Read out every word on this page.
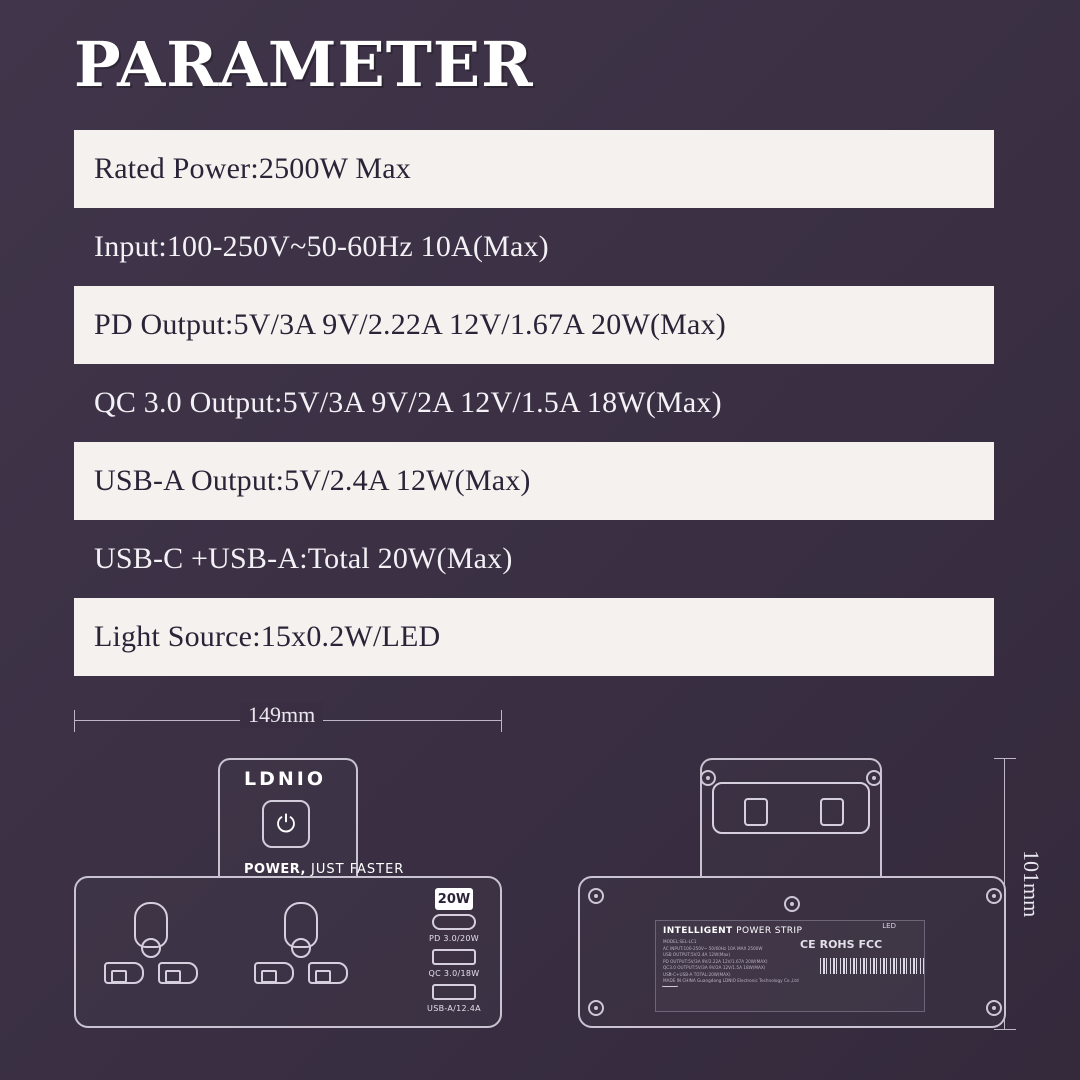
PARAMETER
Rated Power:2500W Max
Input:100-250V~50-60Hz 10A(Max)
PD Output:5V/3A 9V/2.22A 12V/1.67A 20W(Max)
QC 3.0 Output:5V/3A 9V/2A 12V/1.5A 18W(Max)
USB-A Output:5V/2.4A 12W(Max)
USB-C +USB-A:Total 20W(Max)
Light Source:15x0.2W/LED
149mm
101mm
LDNIO
⏻
POWER, JUST FASTER
20W
PD 3.0/20W
QC 3.0/18W
USB-A/12.4A
INTELLIGENT POWER STRIP
MODEL:SEL-LC1
AC INPUT:100-250V~ 50/60Hz 10A MAX 2500W
USB OUTPUT:5V/2.4A 12W(Max)
PD OUTPUT:5V/3A 9V/2.22A 12V/1.67A 20W(MAX)
QC3.0 OUTPUT:5V/3A 9V/2A 12V/1.5A 18W(MAX)
USB-C+USB-A TOTAL:20W(MAX)
MADE IN CHINA Guangdong LDNIO Electronic Technology Co.,Ltd
LED
CE ROHS FCC
